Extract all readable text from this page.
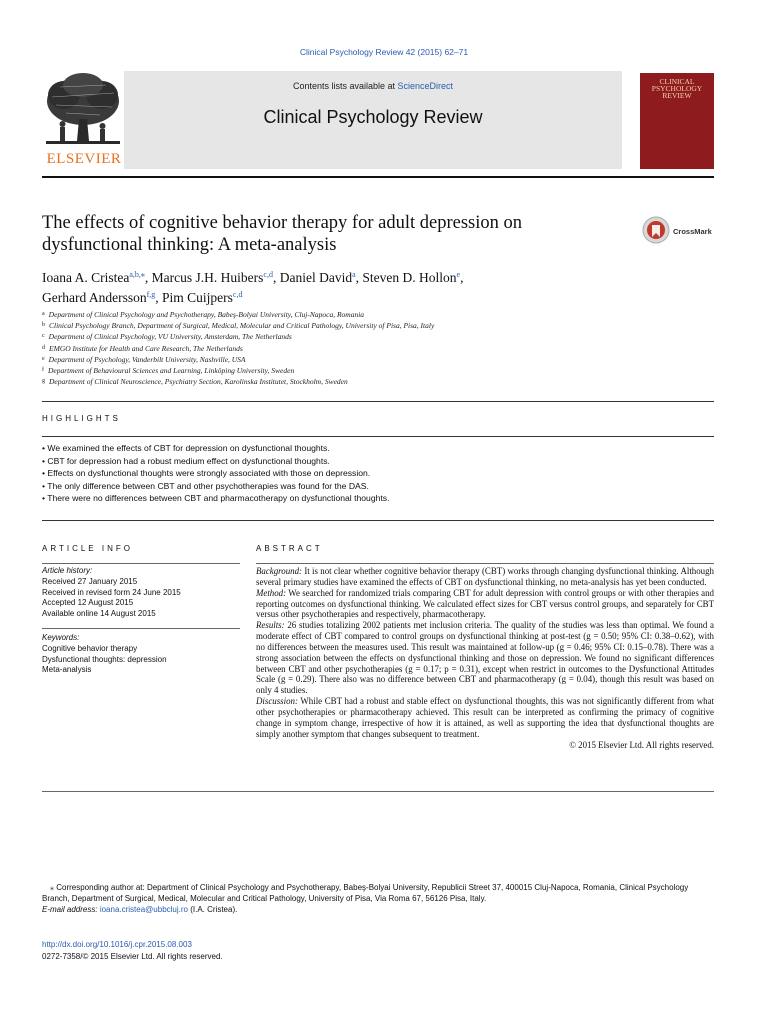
Clinical Psychology Review 42 (2015) 62–71
ELSEVIER
Contents lists available at ScienceDirect
Clinical Psychology Review
CLINICAL
PSYCHOLOGY
REVIEW
The effects of cognitive behavior therapy for adult depression on
dysfunctional thinking: A meta-analysis
CrossMark
Ioana A. Cristea$^{a,b,⁎}$, Marcus J.H. Huibers$^{c,d}$, Daniel David$^a$, Steven D. Hollon$^e$,
Gerhard Andersson$^{f,g}$, Pim Cuijpers$^{c,d}$
$^a$ Department of Clinical Psychology and Psychotherapy, Babeş-Bolyai University, Cluj-Napoca, Romania
$^b$ Clinical Psychology Branch, Department of Surgical, Medical, Molecular and Critical Pathology, University of Pisa, Pisa, Italy
$^c$ Department of Clinical Psychology, VU University, Amsterdam, The Netherlands
$^d$ EMGO Institute for Health and Care Research, The Netherlands
$^e$ Department of Psychology, Vanderbilt University, Nashville, USA
$^f$ Department of Behavioural Sciences and Learning, Linköping University, Sweden
$^g$ Department of Clinical Neuroscience, Psychiatry Section, Karolinska Institutet, Stockholm, Sweden
HIGHLIGHTS
• We examined the effects of CBT for depression on dysfunctional thoughts.
• CBT for depression had a robust medium effect on dysfunctional thoughts.
• Effects on dysfunctional thoughts were strongly associated with those on depression.
• The only difference between CBT and other psychotherapies was found for the DAS.
• There were no differences between CBT and pharmacotherapy on dysfunctional thoughts.
ARTICLE INFO	ABSTRACT
Article history:
Received 27 January 2015
Received in revised form 24 June 2015
Accepted 12 August 2015
Available online 14 August 2015
Keywords:
Cognitive behavior therapy
Dysfunctional thoughts: depression
Meta-analysis

Background: It is not clear whether cognitive behavior therapy (CBT) works through changing dysfunctional thinking. Although several primary studies have examined the effects of CBT on dysfunctional thinking, no meta-analysis has yet been conducted.

Method: We searched for randomized trials comparing CBT for adult depression with control groups or with other therapies and reporting outcomes on dysfunctional thinking. We calculated effect sizes for CBT versus control groups, and separately for CBT versus other psychotherapies and respectively, pharmacotherapy.

Results: 26 studies totalizing 2002 patients met inclusion criteria. The quality of the studies was less than optimal. We found a moderate effect of CBT compared to control groups on dysfunctional thinking at post-test (g = 0.50; 95% CI: 0.38–0.62), with no differences between the measures used. This result was maintained at follow-up (g = 0.46; 95% CI: 0.15–0.78). There was a strong association between the effects on dysfunctional thinking and those on depression. We found no significant differences between CBT and other psychotherapies (g = 0.17; p = 0.31), except when restrict in outcomes to the Dysfunctional Attitudes Scale (g = 0.29). There also was no difference between CBT and pharmacotherapy (g = 0.04), though this result was based on only 4 studies.

Discussion: While CBT had a robust and stable effect on dysfunctional thoughts, this was not significantly different from what other psychotherapies or pharmacotherapy achieved. This result can be interpreted as confirming the primacy of cognitive change in symptom change, irrespective of how it is attained, as well as supporting the idea that dysfunctional thoughts are simply another symptom that changes subsequent to treatment.

© 2015 Elsevier Ltd. All rights reserved.

⁎ Corresponding author at: Department of Clinical Psychology and Psychotherapy, Babeş-Bolyai University, Republicii Street 37, 400015 Cluj-Napoca, Romania, Clinical Psychology Branch, Department of Surgical, Medical, Molecular and Critical Pathology, University of Pisa, Via Roma 67, 56126 Pisa, Italy.
E-mail address: ioana.cristea@ubbcluj.ro (I.A. Cristea).
http://dx.doi.org/10.1016/j.cpr.2015.08.003
0272-7358/© 2015 Elsevier Ltd. All rights reserved.
